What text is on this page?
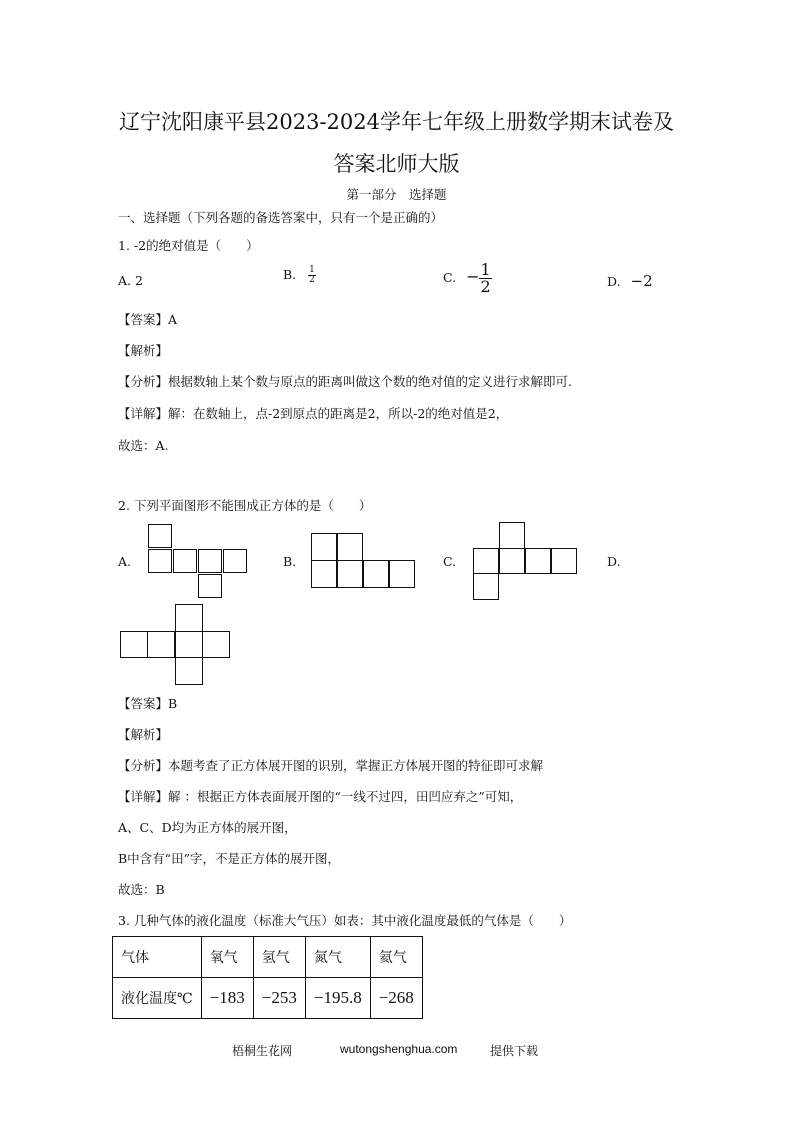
辽宁沈阳康平县2023-2024学年七年级上册数学期末试卷及
答案北师大版
第一部分　选择题
一、选择题（下列各题的备选答案中，只有一个是正确的）
1. -2的绝对值是（　　）
A. 2	B. $\frac{1}{2}$	C. − $\frac{1}{2}$	D. −2
【答案】A
【解析】
【分析】根据数轴上某个数与原点的距离叫做这个数的绝对值的定义进行求解即可.
【详解】解：在数轴上，点-2到原点的距离是2，所以-2的绝对值是2，
故选：A.
2. 下列平面图形不能围成正方体的是（　　）
A.	B.	C.	D.
【答案】B
【解析】
【分析】本题考查了正方体展开图的识别，掌握正方体展开图的特征即可求解
【详解】解 ：根据正方体表面展开图的“一线不过四，田凹应弃之”可知，
A、C、D均为正方体的展开图，
B中含有“田”字，不是正方体的展开图，
故选：B
3. 几种气体的液化温度（标准大气压）如表：其中液化温度最低的气体是（　　）
气体	氧气	氢气	氮气	氦气
液化温度℃	−183	−253	−195.8	−268
梧桐生花网	wutongshenghua.com	提供下载
